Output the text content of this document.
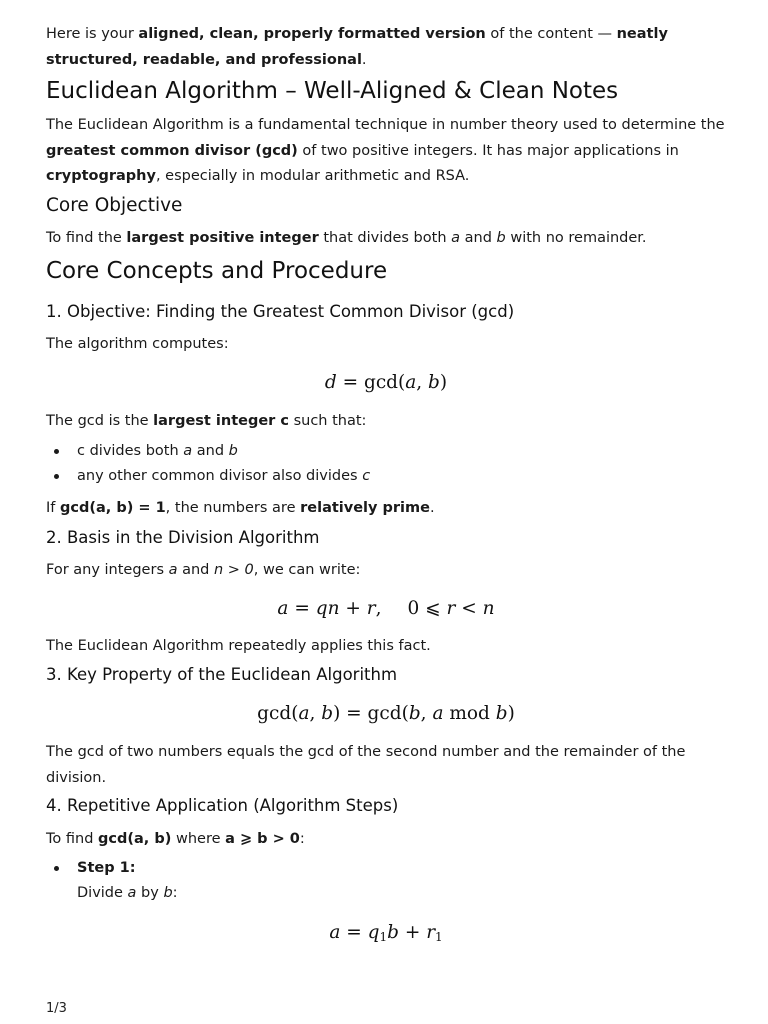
Here is your aligned, clean, properly formatted version of the content — neatly structured, readable, and professional.

Euclidean Algorithm – Well-Aligned & Clean Notes

The Euclidean Algorithm is a fundamental technique in number theory used to determine the greatest common divisor (gcd) of two positive integers. It has major applications in cryptography, especially in modular arithmetic and RSA.

Core Objective

To find the largest positive integer that divides both a and b with no remainder.

Core Concepts and Procedure
1. Objective: Finding the Greatest Common Divisor (gcd)

The algorithm computes:

d = gcd(a, b)

The gcd is the largest integer c such that:

c divides both a and b
any other common divisor also divides c

If gcd(a, b) = 1, the numbers are relatively prime.

2. Basis in the Division Algorithm

For any integers a and n > 0, we can write:

a = qn + r, 0 ⩽ r < n

The Euclidean Algorithm repeatedly applies this fact.

3. Key Property of the Euclidean Algorithm
gcd(a, b) = gcd(b, a mod b)

The gcd of two numbers equals the gcd of the second number and the remainder of the division.

4. Repetitive Application (Algorithm Steps)

To find gcd(a, b) where a ⩾ b > 0:

Step 1:
Divide a by b:
$a = q_1b + r_1$
1/3
